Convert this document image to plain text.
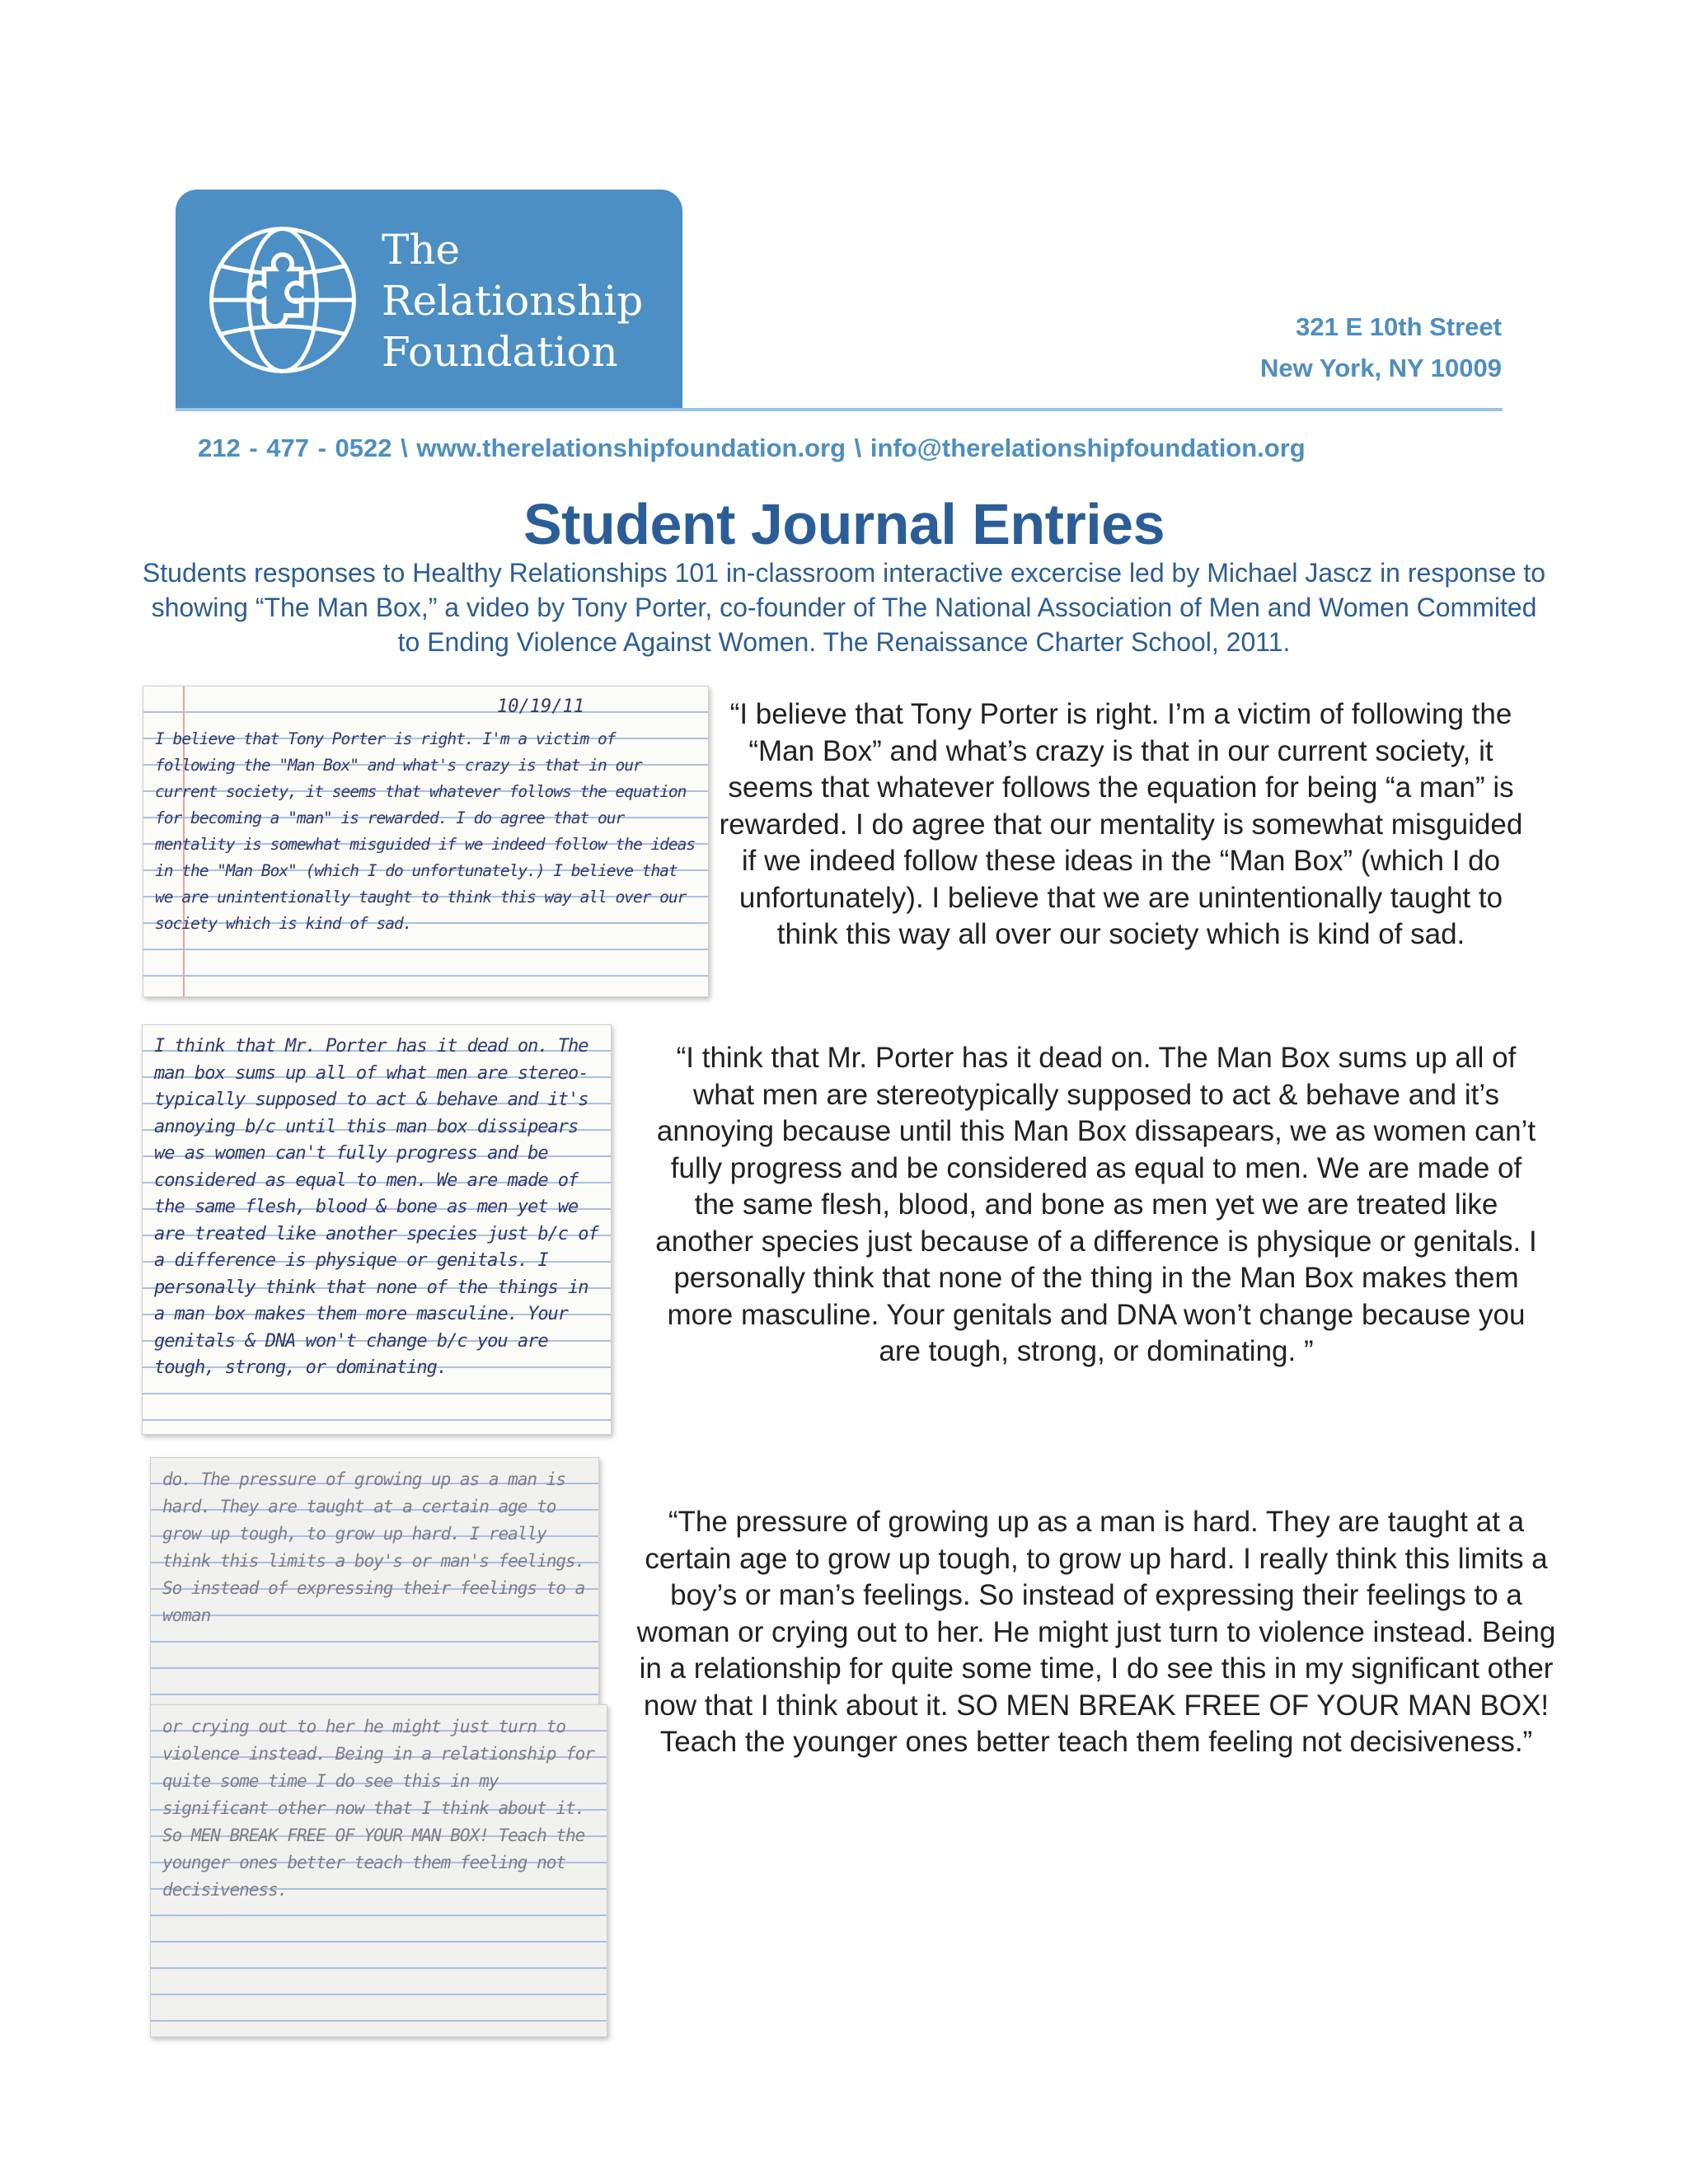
The
Relationship
Foundation
321 E 10th Street
New York, NY 10009
212 - 477 - 0522 \ www.therelationshipfoundation.org \ info@therelationshipfoundation.org
Student Journal Entries
Students responses to Healthy Relationships 101 in-classroom interactive excercise led by Michael Jascz in response to showing “The Man Box,” a video by Tony Porter, co-founder of The National Association of Men and Women Commited to Ending Violence Against Women. The Renaissance Charter School, 2011.
10/19/11
I believe that Tony Porter is right. I'm a victim of following the "Man Box" and what's crazy is that in our current society, it seems that whatever follows the equation for becoming a "man" is rewarded. I do agree that our mentality is somewhat misguided if we indeed follow the ideas in the "Man Box" (which I do unfortunately.) I believe that we are unintentionally taught to think this way all over our society which is kind of sad.
I think that Mr. Porter has it dead on. The man box sums up all of what men are stereo-typically supposed to act & behave and it's annoying b/c until this man box dissipears we as women can't fully progress and be considered as equal to men. We are made of the same flesh, blood & bone as men yet we are treated like another species just b/c of a difference is physique or genitals. I personally think that none of the things in a man box makes them more masculine. Your genitals & DNA won't change b/c you are tough, strong, or dominating.
do. The pressure of growing up as a man is hard. They are taught at a certain age to grow up tough, to grow up hard. I really think this limits a boy's or man's feelings. So instead of expressing their feelings to a woman
or crying out to her he might just turn to violence instead. Being in a relationship for quite some time I do see this in my significant other now that I think about it. So MEN BREAK FREE OF YOUR MAN BOX! Teach the younger ones better teach them feeling not decisiveness.
“I believe that Tony Porter is right. I’m a victim of following the “Man Box” and what’s crazy is that in our current society, it seems that whatever follows the equation for being “a man” is rewarded. I do agree that our mentality is somewhat misguided if we indeed follow these ideas in the “Man Box” (which I do unfortunately). I believe that we are unintentionally taught to think this way all over our society which is kind of sad.
“I think that Mr. Porter has it dead on. The Man Box sums up all of what men are stereotypically supposed to act & behave and it’s annoying because until this Man Box dissapears, we as women can’t fully progress and be considered as equal to men. We are made of the same flesh, blood, and bone as men yet we are treated like another species just because of a difference is physique or genitals. I personally think that none of the thing in the Man Box makes them more masculine. Your genitals and DNA won’t change because you are tough, strong, or dominating. ”
“The pressure of growing up as a man is hard. They are taught at a certain age to grow up tough, to grow up hard. I really think this limits a boy’s or man’s feelings. So instead of expressing their feelings to a woman or crying out to her. He might just turn to violence instead. Being in a relationship for quite some time, I do see this in my significant other now that I think about it. SO MEN BREAK FREE OF YOUR MAN BOX! Teach the younger ones better teach them feeling not decisiveness.”
